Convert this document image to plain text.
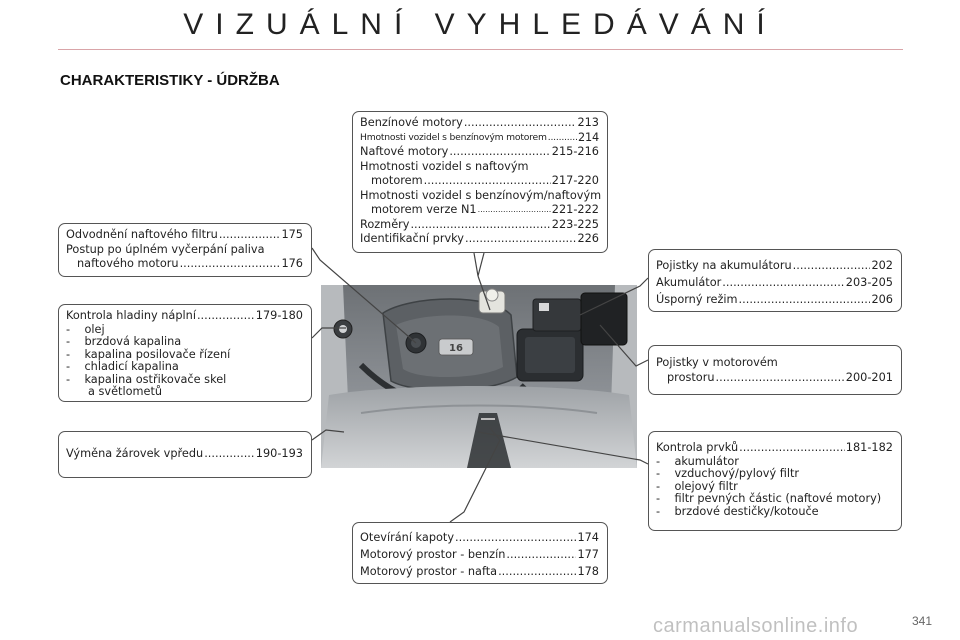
VIZUÁLNÍ VYHLEDÁVÁNÍ
CHARAKTERISTIKY - ÚDRŽBA
16
Benzínové motory .....	213
Hmotnosti vozidel s benzínovým motorem .....	214
Naftové motory .....	215-216
Hmotnosti vozidel s naftovým
motorem .....	217-220
Hmotnosti vozidel s benzínovým/naftovým
motorem verze N1 .....	221-222
Rozměry .....	223-225
Identifikační prvky .....	226
Odvodnění naftového filtru .....	175
Postup po úplném vyčerpání paliva
naftového motoru .....	176
Kontrola hladiny náplní .....	179-180
-    olej
-    brzdová kapalina
-    kapalina posilovače řízení
-    chladicí kapalina
-    kapalina ostřikovače skel
a světlometů
Výměna žárovek vpředu .....	190-193
Otevírání kapoty .....	174
Motorový prostor - benzín .....	177
Motorový prostor - nafta .....	178
Pojistky na akumulátoru .....	202
Akumulátor .....	203-205
Úsporný režim .....	206
Pojistky v motorovém
prostoru .....	200-201
Kontrola prvků .....	181-182
-    akumulátor
-    vzduchový/pylový filtr
-    olejový filtr
-    filtr pevných částic (naftové motory)
-    brzdové destičky/kotouče
carmanualsonline.info	341
